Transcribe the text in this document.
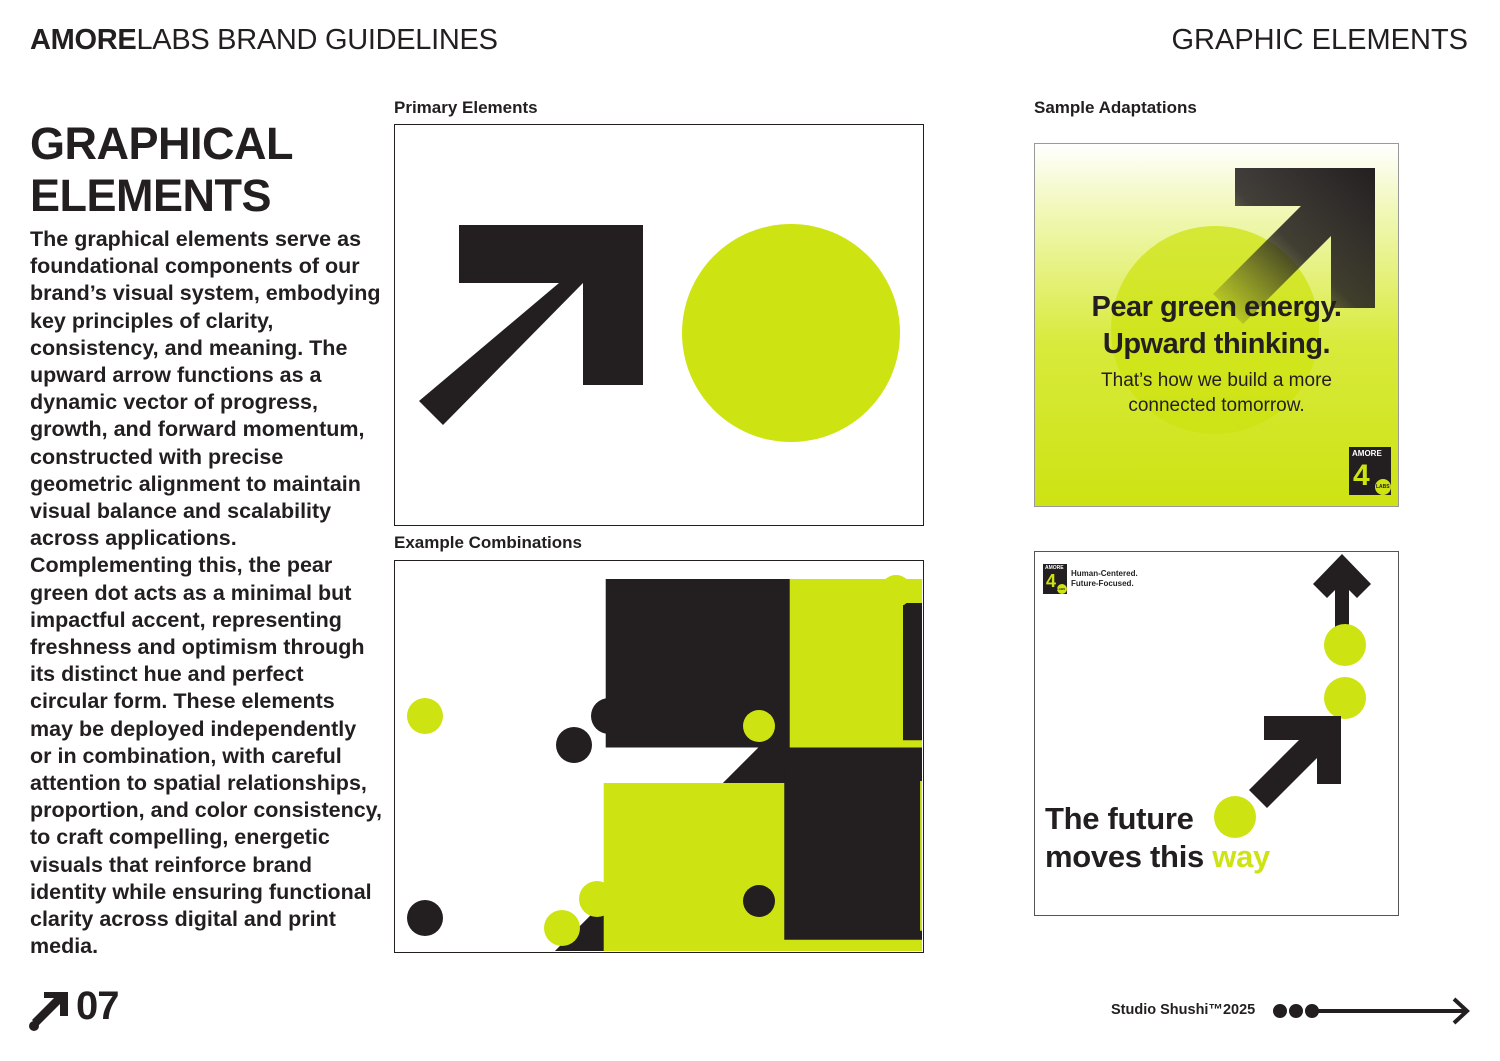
AMORELABS BRAND GUIDELINES	GRAPHIC ELEMENTS
GRAPHICAL
ELEMENTS
The graphical elements serve as foundational components of our brand’s visual system, embodying key principles of clarity, consistency, and meaning. The upward arrow functions as a dynamic vector of progress, growth, and forward momentum, constructed with precise geometric alignment to maintain visual balance and scalability across applications. Complementing this, the pear green dot acts as a minimal but impactful accent, representing freshness and optimism through its distinct hue and perfect circular form. These elements may be deployed independently or in combination, with careful attention to spatial relationships, proportion, and color consistency, to craft compelling, energetic visuals that reinforce brand identity while ensuring functional clarity across digital and print media.
Primary Elements
Example Combinations
Sample Adaptations
Pear green energy.
Upward thinking.
That’s how we build a more
connected tomorrow.
AMORE
4 LABS
AMORE
4 LABS
Human-Centered.
Future-Focused.
The future
moves this way
07	Studio Shushi™2025
